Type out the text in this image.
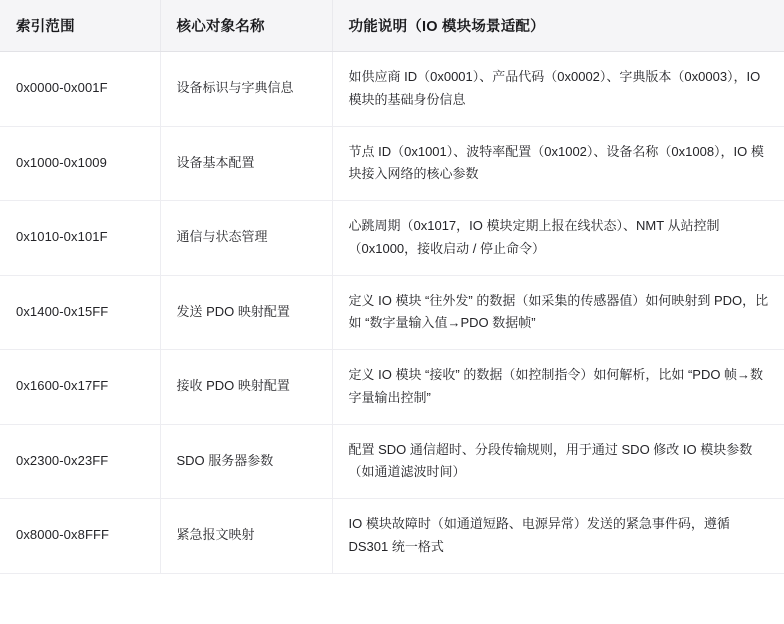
索引范围	核心对象名称	功能说明（IO 模块场景适配）
0x0000-0x001F	设备标识与字典信息	如供应商 ID（0x0001）、产品代码（0x0002）、字典版本（0x0003），IO 模块的基础身份信息
0x1000-0x1009	设备基本配置	节点 ID（0x1001）、波特率配置（0x1002）、设备名称（0x1008），IO 模块接入网络的核心参数
0x1010-0x101F	通信与状态管理	心跳周期（0x1017，IO 模块定期上报在线状态）、NMT 从站控制（0x1000，接收启动 / 停止命令）
0x1400-0x15FF	发送 PDO 映射配置	定义 IO 模块 “往外发” 的数据（如采集的传感器值）如何映射到 PDO，比如 “数字量输入值→PDO 数据帧”
0x1600-0x17FF	接收 PDO 映射配置	定义 IO 模块 “接收” 的数据（如控制指令）如何解析，比如 “PDO 帧→数字量输出控制”
0x2300-0x23FF	SDO 服务器参数	配置 SDO 通信超时、分段传输规则，用于通过 SDO 修改 IO 模块参数（如通道滤波时间）
0x8000-0x8FFF	紧急报文映射	IO 模块故障时（如通道短路、电源异常）发送的紧急事件码，遵循 DS301 统一格式
